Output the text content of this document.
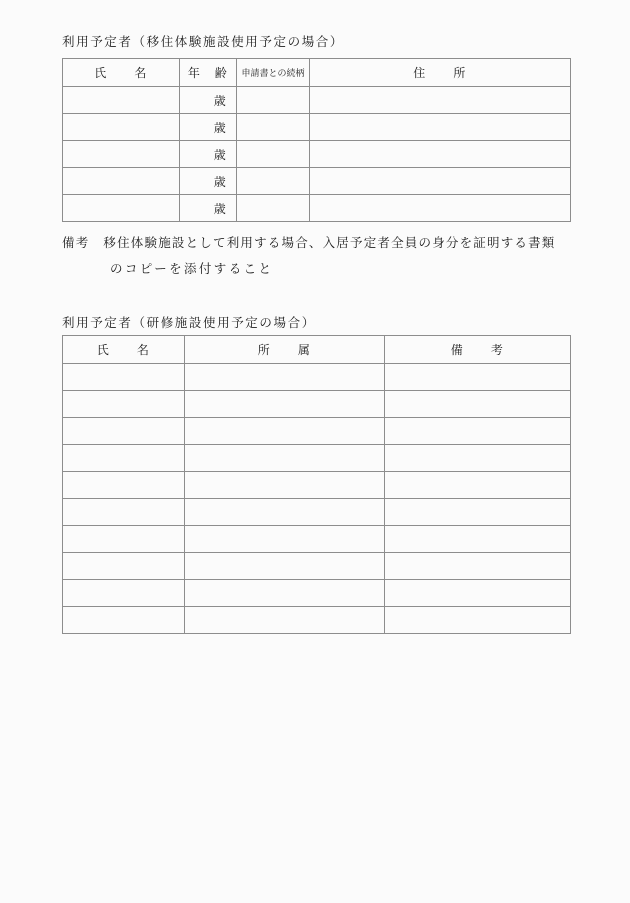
利用予定者（移住体験施設使用予定の場合）
氏　　名	年　齢	申請書との続柄	住　　所
	歳		
	歳		
	歳		
	歳		
	歳		
備考 移住体験施設として利用する場合、入居予定者全員の身分を証明する書類
のコピーを添付すること
利用予定者（研修施設使用予定の場合）
氏　　名	所　　属	備　　考
